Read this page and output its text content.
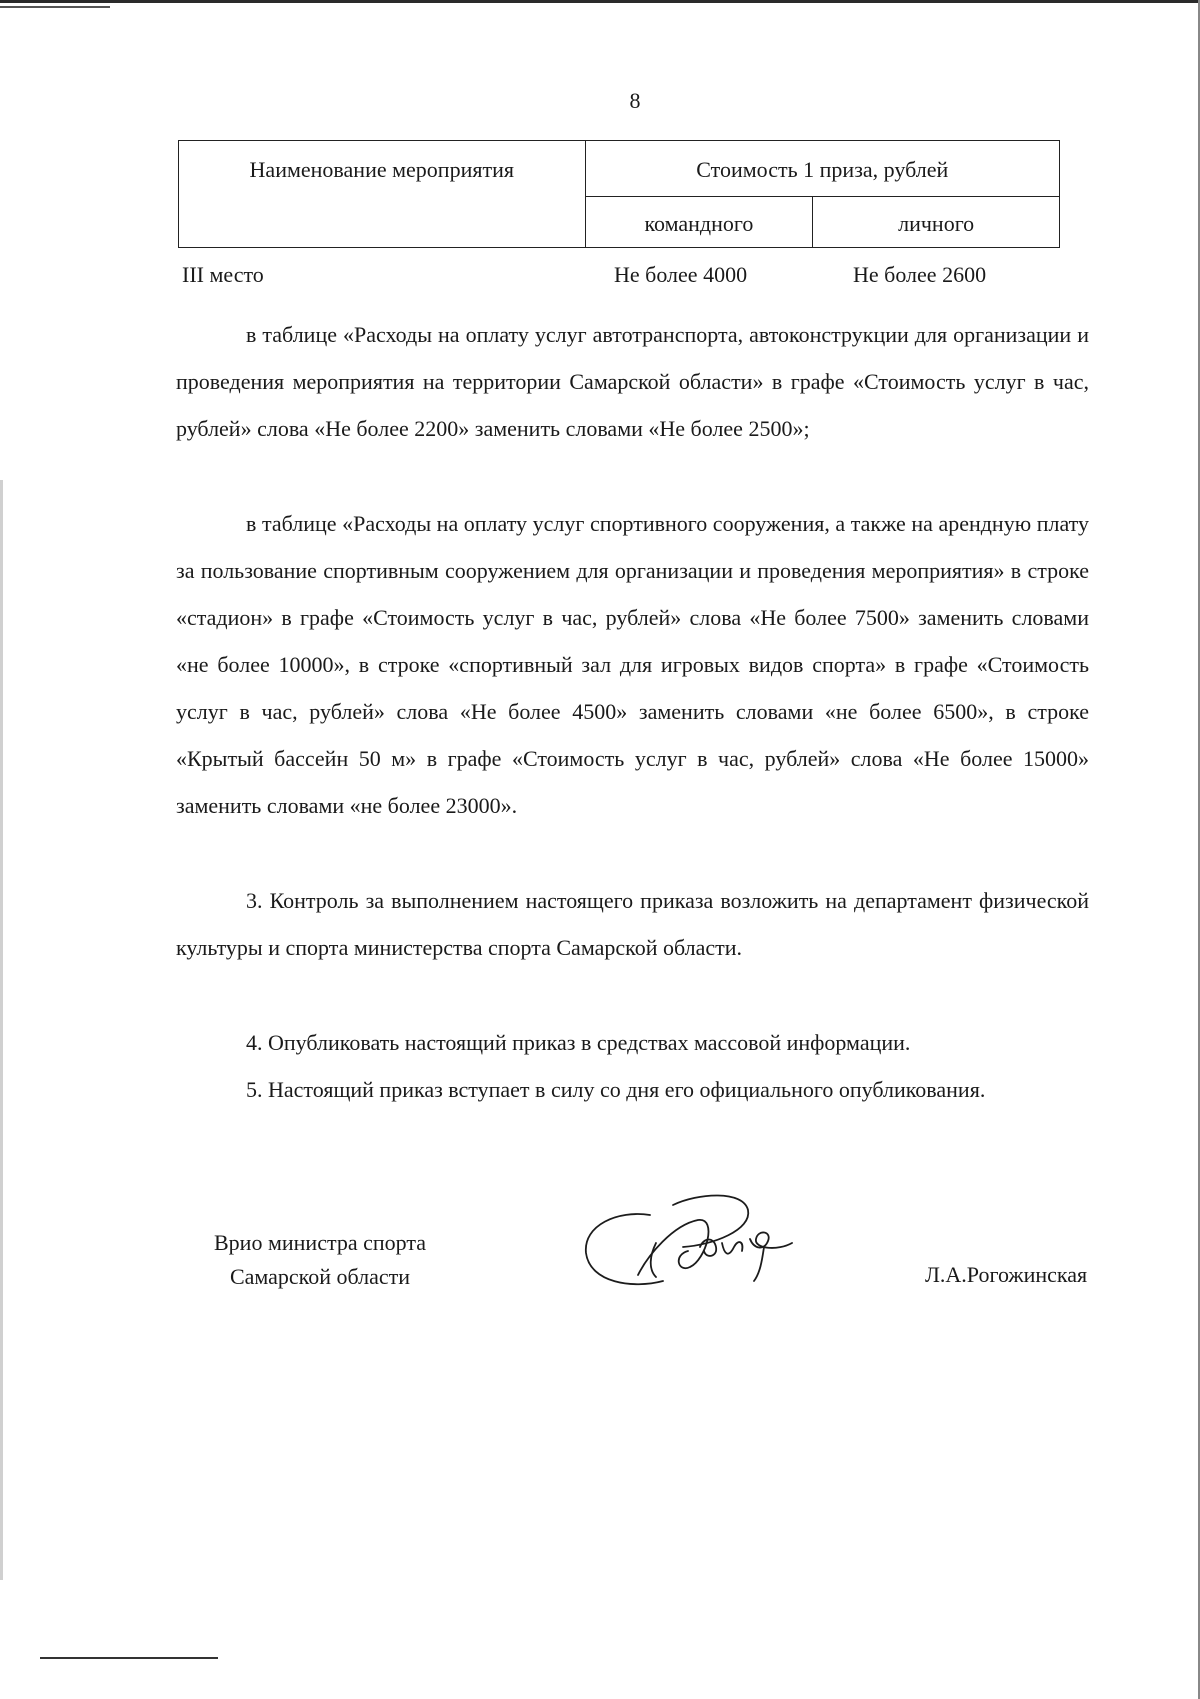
8
Наименование мероприятия	Стоимость 1 приза, рублей	
	командного	личного
III место	Не более 4000	Не более 2600

в таблице «Расходы на оплату услуг автотранспорта, автоконструкции для организации и проведения мероприятия на территории Самарской области» в графе «Стоимость услуг в час, рублей» слова «Не более 2200» заменить словами «Не более 2500»;

в таблице «Расходы на оплату услуг спортивного сооружения, а также на арендную плату за пользование спортивным сооружением для организации и проведения мероприятия» в строке «стадион» в графе «Стоимость услуг в час, рублей» слова «Не более 7500» заменить словами «не более 10000», в строке «спортивный зал для игровых видов спорта» в графе «Стоимость услуг в час, рублей» слова «Не более 4500» заменить словами «не более 6500», в строке «Крытый бассейн 50 м» в графе «Стоимость услуг в час, рублей» слова «Не более 15000» заменить словами «не более 23000».

3. Контроль за выполнением настоящего приказа возложить на департамент физической культуры и спорта министерства спорта Самарской области.

4. Опубликовать настоящий приказ в средствах массовой информации.

5. Настоящий приказ вступает в силу со дня его официального опубликования.

Врио министра спорта
Самарской области	Л.А.Рогожинская
